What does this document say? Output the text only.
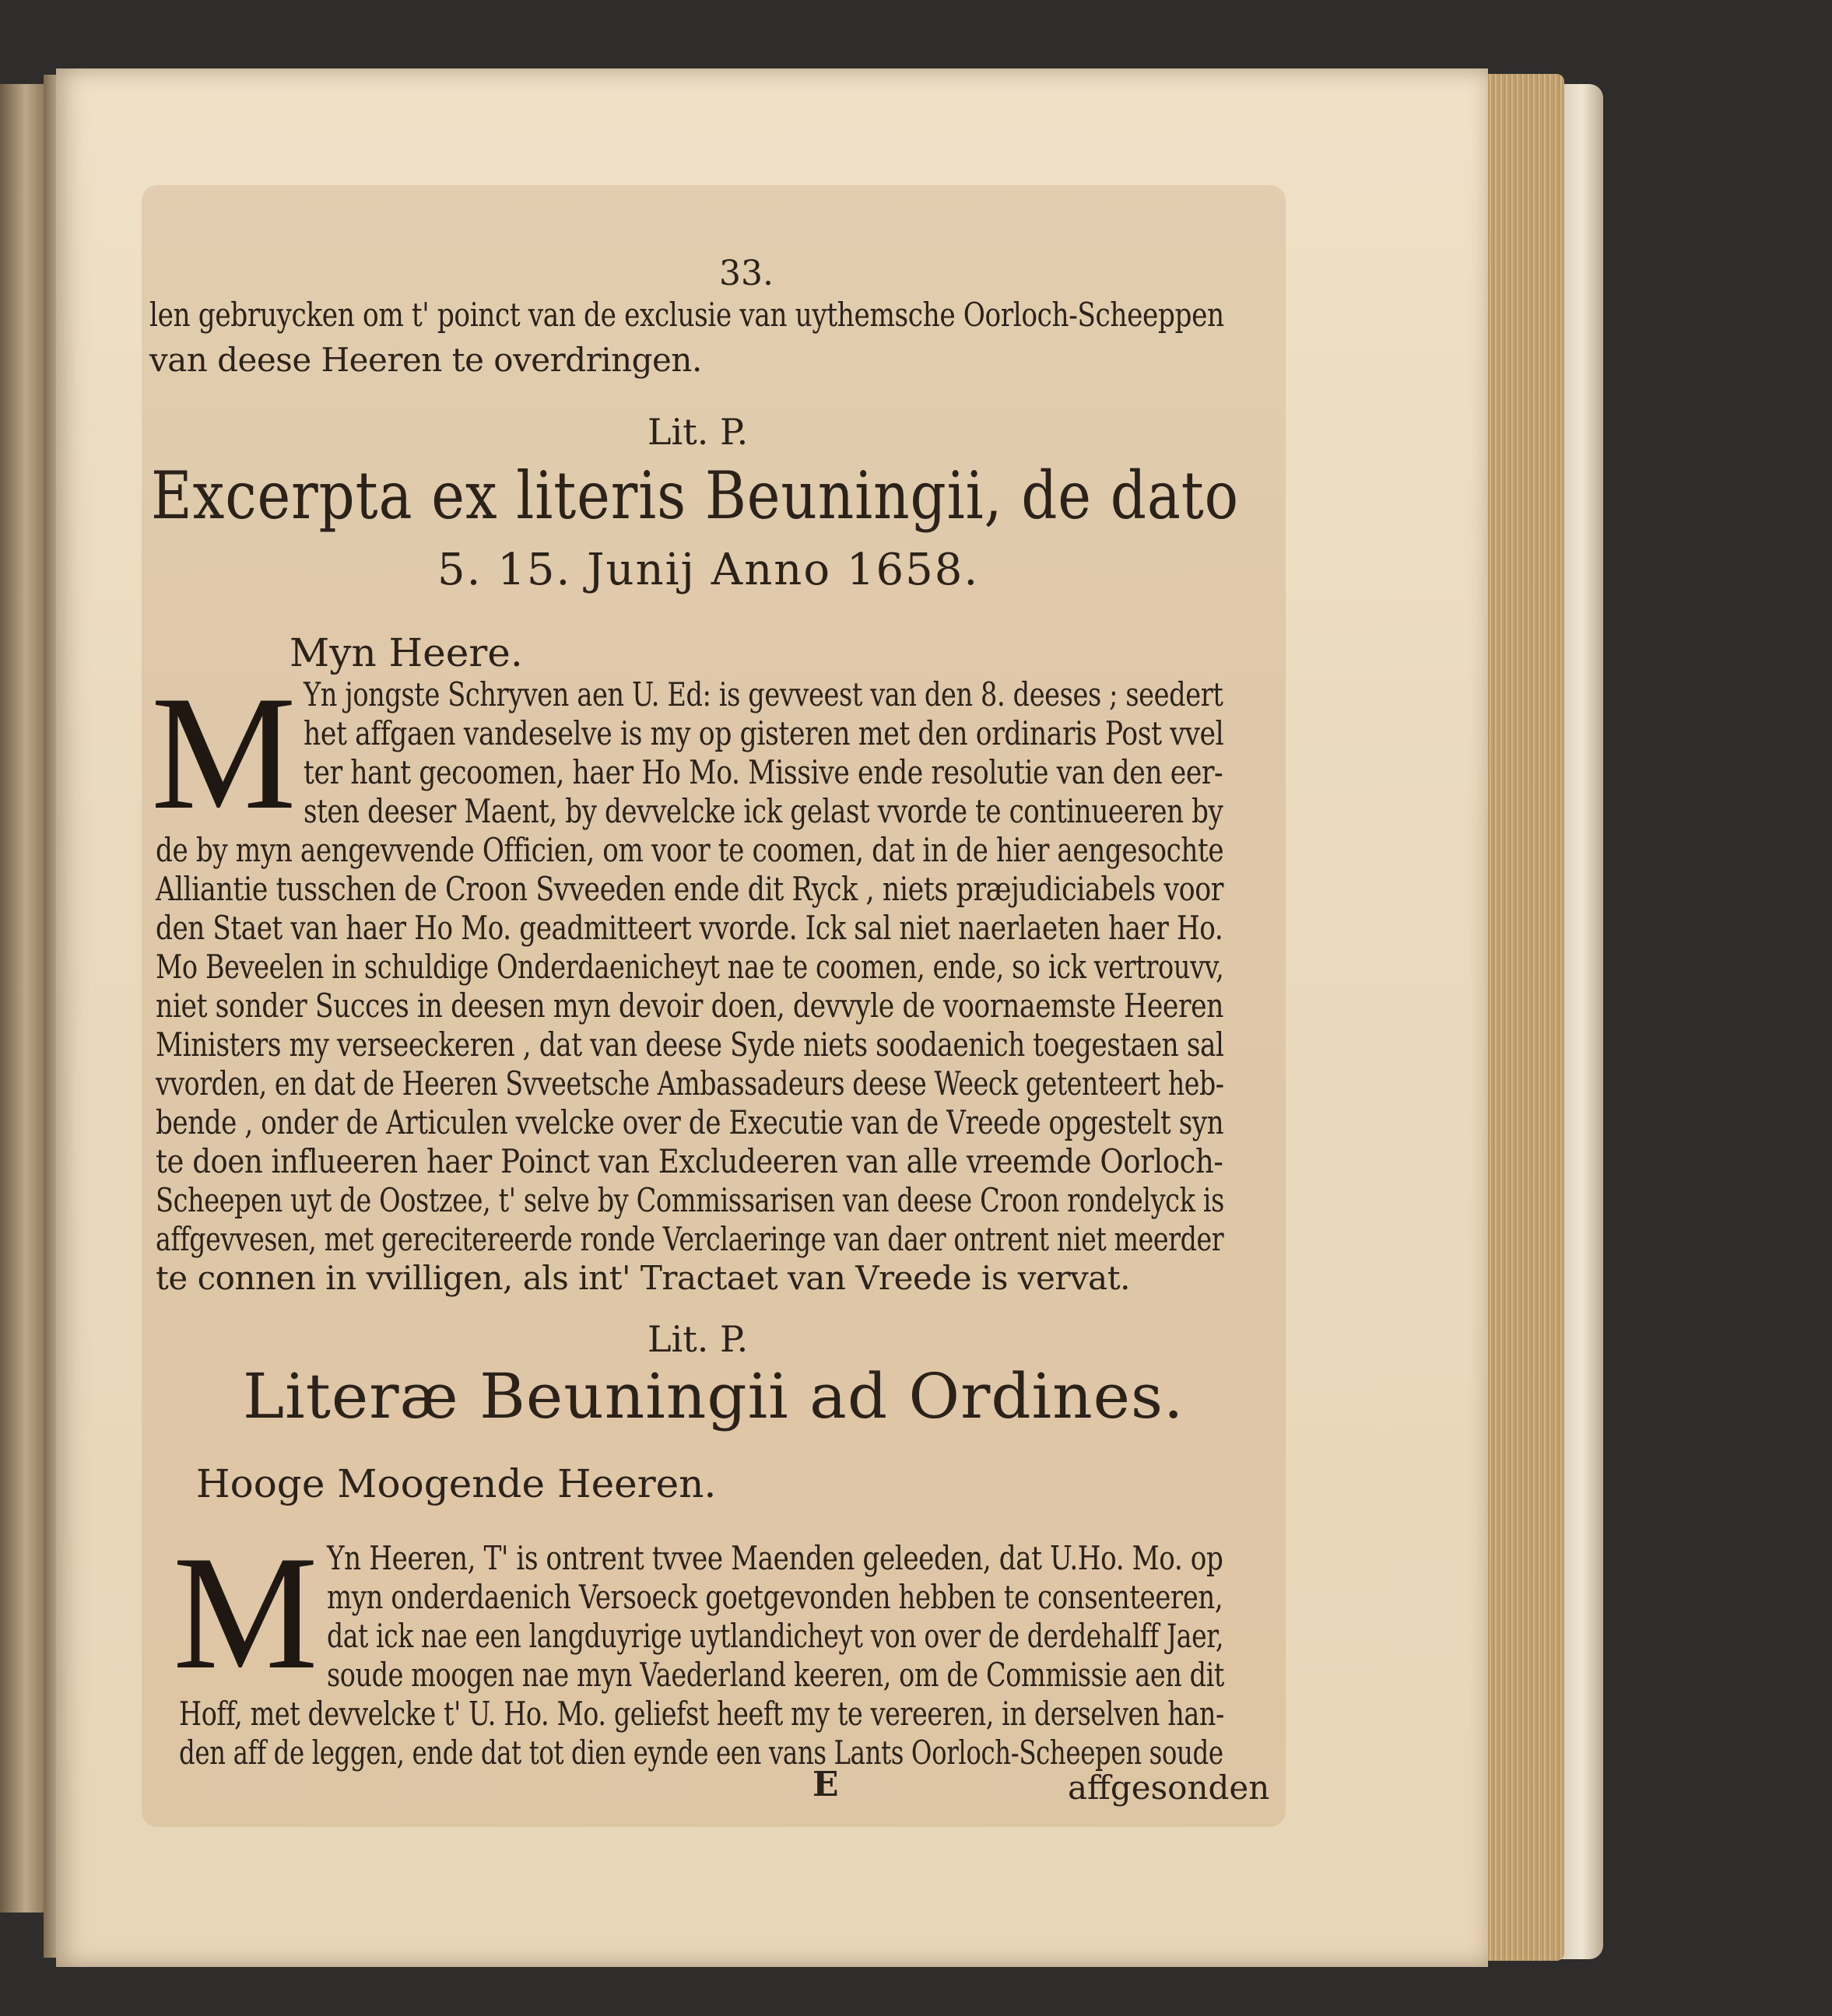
33.
len gebruycken om t' poinct van de exclusie van uythemsche Oorloch-Scheeppen
van deese Heeren te overdringen.
Lit. P.
Excerpta ex literis Beuningii, de dato
5. 15. Junij Anno 1658.
Myn Heere.
M Yn jongste Schryven aen U. Ed: is gevveest van den 8. deeses ; seedert
het affgaen vandeselve is my op gisteren met den ordinaris Post vvel
ter hant gecoomen, haer Ho Mo. Missive ende resolutie van den eer-
sten deeser Maent, by devvelcke ick gelast vvorde te continueeren by
de by myn aengevvende Officien, om voor te coomen, dat in de hier aengesochte
Alliantie tusschen de Croon Svveeden ende dit Ryck , niets præjudiciabels voor
den Staet van haer Ho Mo. geadmitteert vvorde. Ick sal niet naerlaeten haer Ho.
Mo Beveelen in schuldige Onderdaenicheyt nae te coomen, ende, so ick vertrouvv,
niet sonder Succes in deesen myn devoir doen, devvyle de voornaemste Heeren
Ministers my verseeckeren , dat van deese Syde niets soodaenich toegestaen sal
vvorden, en dat de Heeren Svveetsche Ambassadeurs deese Weeck getenteert heb-
bende , onder de Articulen vvelcke over de Executie van de Vreede opgestelt syn
te doen influeeren haer Poinct van Excludeeren van alle vreemde Oorloch-
Scheepen uyt de Oostzee, t' selve by Commissarisen van deese Croon rondelyck is
affgevvesen, met gerecitereerde ronde Verclaeringe van daer ontrent niet meerder
te connen in vvilligen, als int' Tractaet van Vreede is vervat.
Lit. P.
Literæ Beuningii ad Ordines.
Hooge Moogende Heeren.
M Yn Heeren, T' is ontrent tvvee Maenden geleeden, dat U.Ho. Mo. op
myn onderdaenich Versoeck goetgevonden hebben te consenteeren,
dat ick nae een langduyrige uytlandicheyt von over de derdehalff Jaer,
soude moogen nae myn Vaederland keeren, om de Commissie aen dit
Hoff, met devvelcke t' U. Ho. Mo. geliefst heeft my te vereeren, in derselven han-
den aff de leggen, ende dat tot dien eynde een vans Lants Oorloch-Scheepen soude
E	affgesonden
